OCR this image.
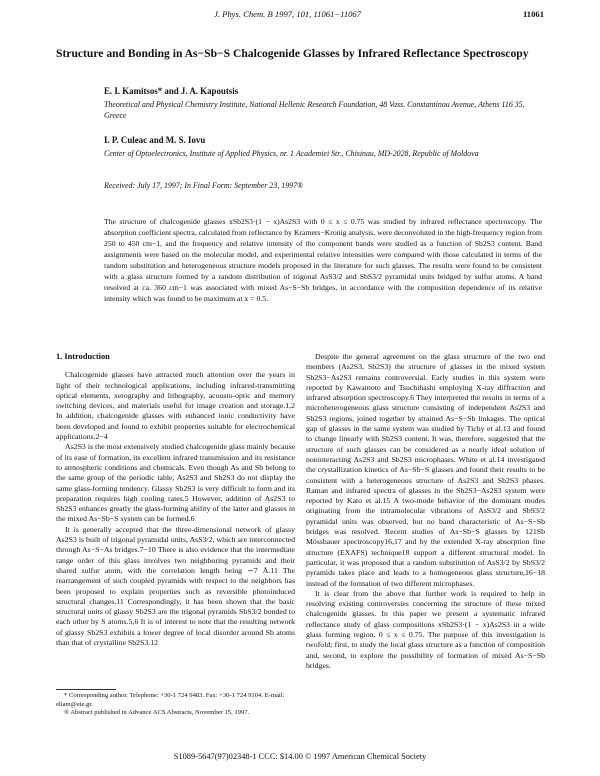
J. Phys. Chem. B 1997, 101, 11061−11067	11061
Structure and Bonding in As−Sb−S Chalcogenide Glasses by Infrared Reflectance Spectroscopy

E. I. Kamitsos* and J. A. Kapoutsis

Theoretical and Physical Chemistry Institute, National Hellenic Research Foundation, 48 Vass. Constantinou Avenue, Athens 116 35, Greece

I. P. Culeac and M. S. Iovu

Center of Optoelectronics, Institute of Applied Physics, nr. 1 Academiei Str., Chisinau, MD-2028, Republic of Moldova

Received: July 17, 1997; In Final Form: September 23, 1997®

The structure of chalcogenide glasses xSb2S3·(1 − x)As2S3 with 0 ≤ x ≤ 0.75 was studied by infrared reflectance spectroscopy. The absorption coefficient spectra, calculated from reflectance by Kramers−Kronig analysis, were deconvoluted in the high-frequency region from 250 to 450 cm−1, and the frequency and relative intensity of the component bands were studied as a function of Sb2S3 content. Band assignments were based on the molecular model, and experimental relative intensities were compared with those calculated in terms of the random substitution and heterogeneous structure models proposed in the literature for such glasses. The results were found to be consistent with a glass structure formed by a random distribution of trigonal AsS3/2 and SbS3/2 pyramidal units bridged by sulfur atoms. A band resolved at ca. 360 cm−1 was associated with mixed As−S−Sb bridges, in accordance with the composition dependence of its relative intensity which was found to be maximum at x = 0.5.

1. Introduction

Chalcogenide glasses have attracted much attention over the years in light of their technological applications, including infrared-transmitting optical elements, xerography and lithography, acousto-optic and memory switching devices, and materials useful for image creation and storage.1,2 In addition, chalcogenide glasses with enhanced ionic conductivity have been developed and found to exhibit properties suitable for electrochemical applications.2−4

As2S3 is the most extensively studied chalcogenide glass mainly because of its ease of formation, its excellent infrared transmission and its resistance to atmospheric conditions and chemicals. Even though As and Sb belong to the same group of the periodic table, As2S3 and Sb2S3 do not display the same glass-forming tendency. Glassy Sb2S3 is very difficult to form and its preparation requires high cooling rates.5 However, addition of As2S3 to Sb2S3 enhances greatly the glass-forming ability of the latter and glasses in the mixed As−Sb−S system can be formed.6

It is generally accepted that the three-dimensional network of glassy As2S3 is built of trigonal pyramidal units, AsS3/2, which are interconnected through As−S−As bridges.7−10 There is also evidence that the intermediate range order of this glass involves two neighboring pyramids and their shared sulfur atom, with the correlation length being ∼7 Å.11 The rearrangement of such coupled pyramids with respect to the neighbors has been proposed to explain properties such as reversible photoinduced structural changes.11 Correspondingly, it has been shown that the basic structural units of glassy Sb2S3 are the trigonal pyramids SbS3/2 bonded to each other by S atoms.5,6 It is of interest to note that the resulting network of glassy Sb2S3 exhibits a lower degree of local disorder around Sb atoms than that of crystalline Sb2S3.12

Despite the general agreement on the glass structure of the two end members (As2S3, Sb2S3) the structure of glasses in the mixed system Sb2S3−As2S3 remains controversial. Early studies in this system were reported by Kawamoto and Tsuchihashi employing X-ray diffraction and infrared absorption spectroscopy.6 They interpreted the results in terms of a microheterogeneous glass structure consisting of independent As2S3 and Sb2S3 regions, joined together by strained As−S−Sb linkages. The optical gap of glasses in the same system was studied by Tichy et al.13 and found to change linearly with Sb2S3 content. It was, therefore, suggested that the structure of such glasses can be considered as a nearly ideal solution of noninteracting As2S3 and Sb2S3 microphases. White et al.14 investigated the crystallization kinetics of As−Sb−S glasses and found their results to be consistent with a heterogeneous structure of As2S3 and Sb2S3 phases. Raman and infrared spectra of glasses in the Sb2S3−As2S3 system were reported by Kato et al.15 A two-mode behavior of the dominant modes originating from the intramolecular vibrations of AsS3/2 and SbS3/2 pyramidal units was observed, but no band characteristic of As−S−Sb bridges was resolved. Recent studies of As−Sb−S glasses by 121Sb Mössbauer spectroscopy16,17 and by the extended X-ray absorption fine structure (EXAFS) technique18 support a different structural model. In particular, it was proposed that a random substitution of AsS3/2 by SbS3/2 pyramids takes place and leads to a homogeneous glass structure,16−18 instead of the formation of two different microphases.

It is clear from the above that further work is required to help in resolving existing controversies concerning the structure of these mixed chalcogenide glasses. In this paper we present a systematic infrared reflectance study of glass compositions xSb2S3·(1 − x)As2S3 in a wide glass forming region, 0 ≤ x ≤ 0.75. The purpose of this investigation is twofold; first, to study the local glass structure as a function of composition and, second, to explore the possibility of formation of mixed As−S−Sb bridges.

* Corresponding author. Telephone: +30-1 724 9483. Fax: +30-1 724 9104. E-mail: eliam@eie.gr.

® Abstract published in Advance ACS Abstracts, November 15, 1997.

S1089-5647(97)02348-1 CCC: $14.00 © 1997 American Chemical Society
